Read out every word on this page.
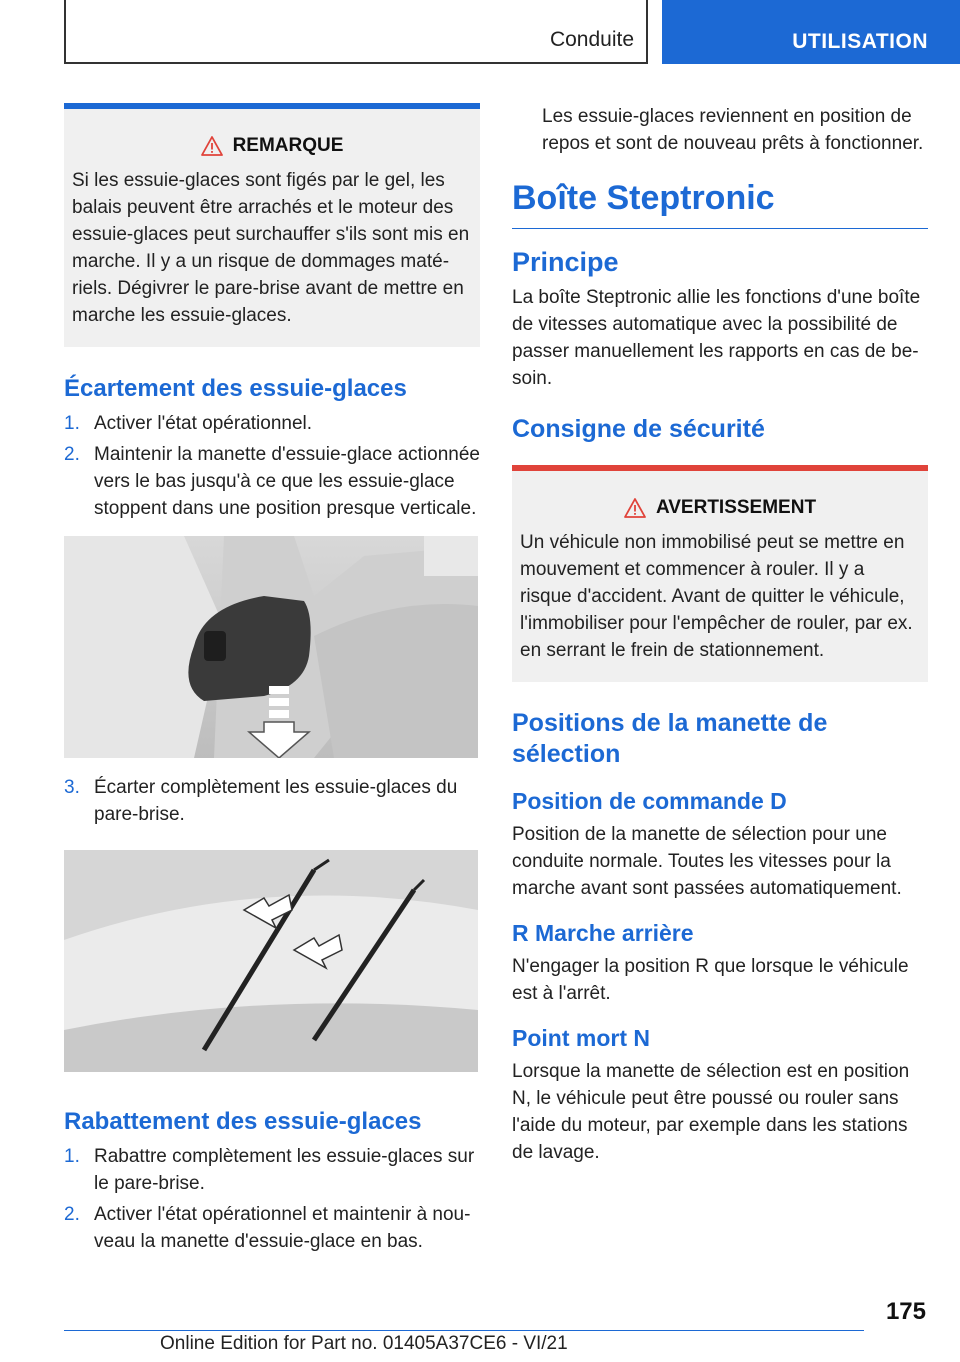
Conduite	UTILISATION
REMARQUE
Si les essuie-glaces sont figés par le gel, les balais peuvent être arrachés et le moteur des essuie-glaces peut surchauffer s'ils sont mis en marche. Il y a un risque de dommages matériels. Dégivrer le pare-brise avant de mettre en marche les essuie-glaces.
Écartement des essuie-glaces
1. Activer l'état opérationnel.
2. Maintenir la manette d'essuie-glace actionnée vers le bas jusqu'à ce que les essuie-glace stoppent dans une position presque verticale.
3. Écarter complètement les essuie-glaces du pare-brise.
Rabattement des essuie-glaces
1. Rabattre complètement les essuie-glaces sur le pare-brise.
2. Activer l'état opérationnel et maintenir à nouveau la manette d'essuie-glace en bas.
Les essuie-glaces reviennent en position de repos et sont de nouveau prêts à fonctionner.
Boîte Steptronic
Principe
La boîte Steptronic allie les fonctions d'une boîte de vitesses automatique avec la possibilité de passer manuellement les rapports en cas de besoin.
Consigne de sécurité
AVERTISSEMENT
Un véhicule non immobilisé peut se mettre en mouvement et commencer à rouler. Il y a risque d'accident. Avant de quitter le véhicule, l'immobiliser pour l'empêcher de rouler, par ex. en serrant le frein de stationnement.
Positions de la manette de sélection
Position de commande D
Position de la manette de sélection pour une conduite normale. Toutes les vitesses pour la marche avant sont passées automatiquement.
R Marche arrière
N'engager la position R que lorsque le véhicule est à l'arrêt.
Point mort N
Lorsque la manette de sélection est en position N, le véhicule peut être poussé ou rouler sans l'aide du moteur, par exemple dans les stations de lavage.
175
Online Edition for Part no. 01405A37CE6 - VI/21
